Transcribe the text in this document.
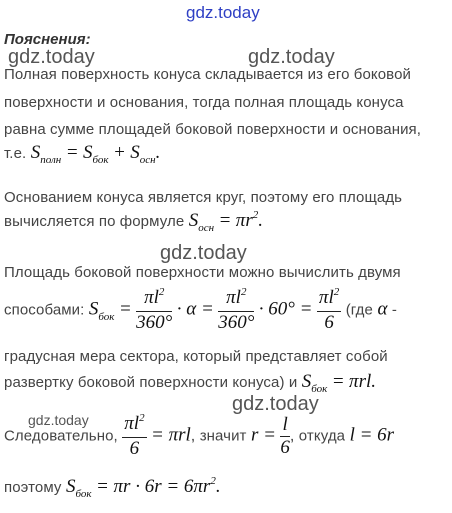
gdz.today
Пояснения:
gdz.today	gdz.today
Полная поверхность конуса складывается из его боковой
поверхности и основания, тогда полная площадь конуса
равна сумме площадей боковой поверхности и основания,
т.е. $S_{полн} = S_{бок} + S_{осн}$.
Основанием конуса является круг, поэтому его площадь
вычисляется по формуле $S_{осн} = \pi r^2$.
gdz.today
Площадь боковой поверхности можно вычислить двумя
способами: $S_{бок} = \frac{\pi l^2}{360^\circ} \cdot \alpha = \frac{\pi l^2}{360^\circ} \cdot 60^\circ = \frac{\pi l^2}{6} (где$ α -
градусная мера сектора, который представляет собой
развертку боковой поверхности конуса) и $S_{бок} = \pi rl$.
gdz.today
gdz.today
Следовательно, $\frac{\pi l^2}{6} = \pi rl$, значит $r = \frac{l}{6}$ , откуда l = 6r
поэтому $S_{бок} = \pi r \cdot 6r = 6\pi r^2$.
